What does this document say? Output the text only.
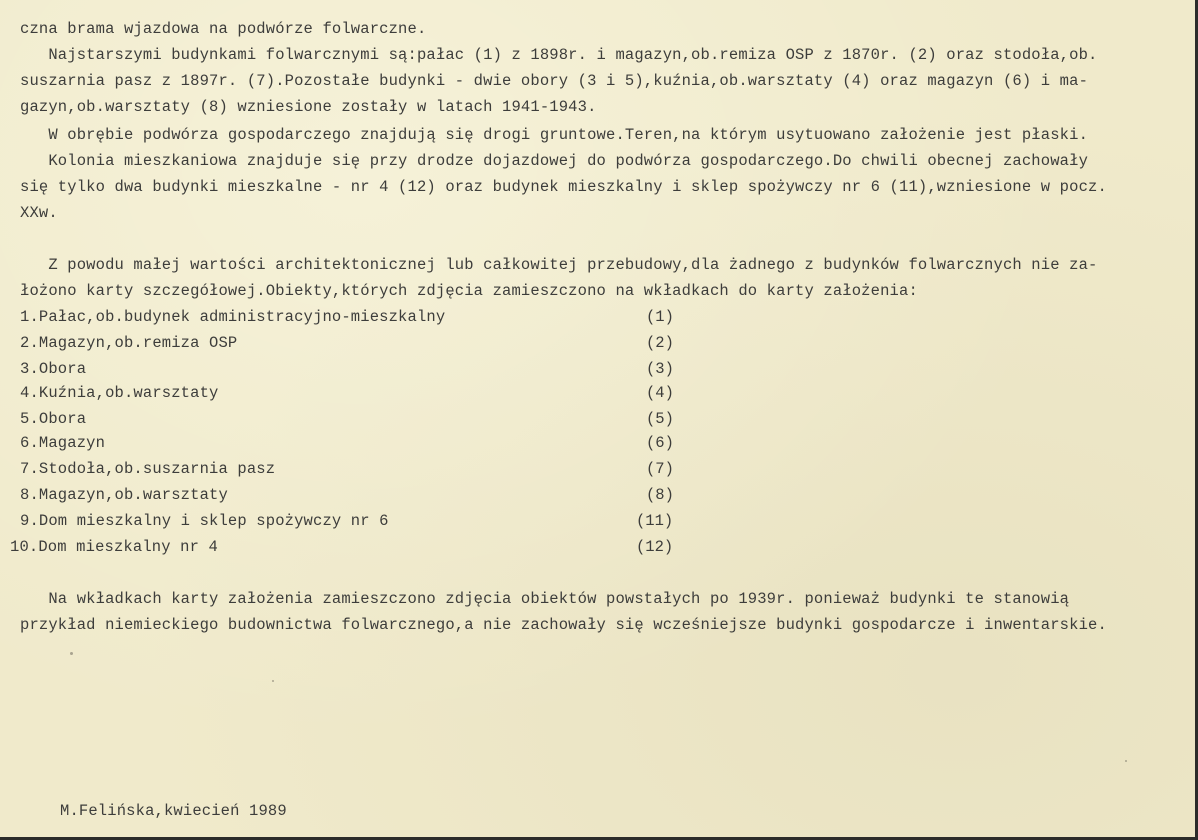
czna brama wjazdowa na podwórze folwarczne.
Najstarszymi budynkami folwarcznymi są:pałac (1) z 1898r. i magazyn,ob.remiza OSP z 1870r. (2) oraz stodoła,ob.
suszarnia pasz z 1897r. (7).Pozostałe budynki - dwie obory (3 i 5),kuźnia,ob.warsztaty (4) oraz magazyn (6) i ma-
gazyn,ob.warsztaty (8) wzniesione zostały w latach 1941-1943.
W obrębie podwórza gospodarczego znajdują się drogi gruntowe.Teren,na którym usytuowano założenie jest płaski.
Kolonia mieszkaniowa znajduje się przy drodze dojazdowej do podwórza gospodarczego.Do chwili obecnej zachowały
się tylko dwa budynki mieszkalne - nr 4 (12) oraz budynek mieszkalny i sklep spożywczy nr 6 (11),wzniesione w pocz.
XXw.
Z powodu małej wartości architektonicznej lub całkowitej przebudowy,dla żadnego z budynków folwarcznych nie za-
łożono karty szczegółowej.Obiekty,których zdjęcia zamieszczono na wkładkach do karty założenia:
1.Pałac,ob.budynek administracyjno-mieszkalny	(1)
2.Magazyn,ob.remiza OSP	(2)
3.Obora	(3)
4.Kuźnia,ob.warsztaty	(4)
5.Obora	(5)
6.Magazyn	(6)
7.Stodoła,ob.suszarnia pasz	(7)
8.Magazyn,ob.warsztaty	(8)
9.Dom mieszkalny i sklep spożywczy nr 6	(11)
10.Dom mieszkalny nr 4	(12)
Na wkładkach karty założenia zamieszczono zdjęcia obiektów powstałych po 1939r. ponieważ budynki te stanowią
przykład niemieckiego budownictwa folwarcznego,a nie zachowały się wcześniejsze budynki gospodarcze i inwentarskie.
M.Felińska,kwiecień 1989
